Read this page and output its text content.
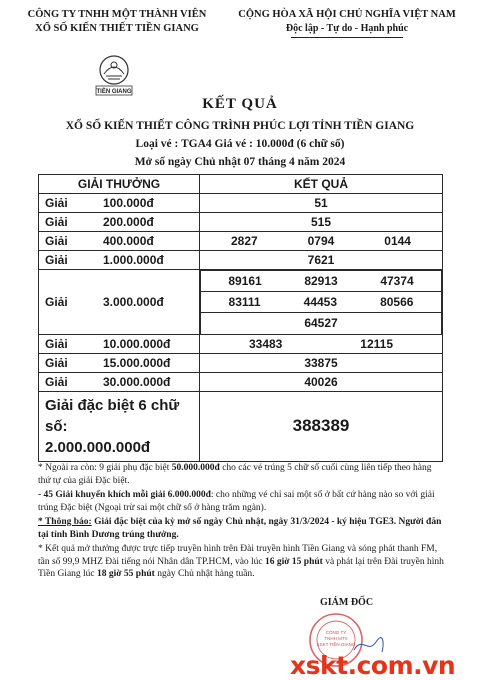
CÔNG TY TNHH MỘT THÀNH VIÊN
XỔ SỐ KIẾN THIẾT TIỀN GIANG
CỘNG HÒA XÃ HỘI CHỦ NGHĨA VIỆT NAM
Độc lập - Tự do - Hạnh phúc
TIỀN GIANG
KẾT QUẢ
XỔ SỐ KIẾN THIẾT CÔNG TRÌNH PHÚC LỢI TỈNH TIỀN GIANG
Loại vé : TGA4 Giá vé : 10.000đ (6 chữ số)
Mở số ngày Chủ nhật 07 tháng 4 năm 2024
GIẢI THƯỞNG	KẾT QUẢ
Giải	100.000đ	51
Giải	200.000đ	515
Giải	400.000đ	2827	0794	0144

Giải	1.000.000đ	7621
Giải	3.000.000đ	
89161	82913	47374

83111	44453	80566

64527

Giải	10.000.000đ	33483	12115

Giải	15.000.000đ	33875
Giải	30.000.000đ	40026

Giải đặc biệt 6 chữ số:
2.000.000.000đ
	388389

* Ngoài ra còn: 9 giải phụ đặc biệt 50.000.000đ cho các vé trúng 5 chữ số cuối cùng liên tiếp theo hàng thứ tự của giải Đặc biệt.

- 45 Giải khuyến khích mỗi giải 6.000.000đ: cho những vé chỉ sai một số ở bất cứ hàng nào so với giải trúng Đặc biệt (Ngoại trừ sai một chữ số ở hàng trăm ngàn).

* Thông báo: Giải đặc biệt của kỳ mở số ngày Chủ nhật, ngày 31/3/2024 - ký hiệu TGE3. Người đăn tại tỉnh Bình Dương trúng thưởng.

* Kết quả mở thưởng được trực tiếp truyền hình trên Đài truyền hình Tiền Giang và sóng phát thanh FM, tần số 99,9 MHZ Đài tiếng nói Nhân dân TP.HCM, vào lúc 16 giờ 15 phút và phát lại trên Đài truyền hình Tiền Giang lúc 18 giờ 55 phút ngày Chủ nhật hàng tuần.

GIÁM ĐỐC
CÔNG TY
TNHH MTV
XSKT TIỀN GIANG
xskt.com.vn
